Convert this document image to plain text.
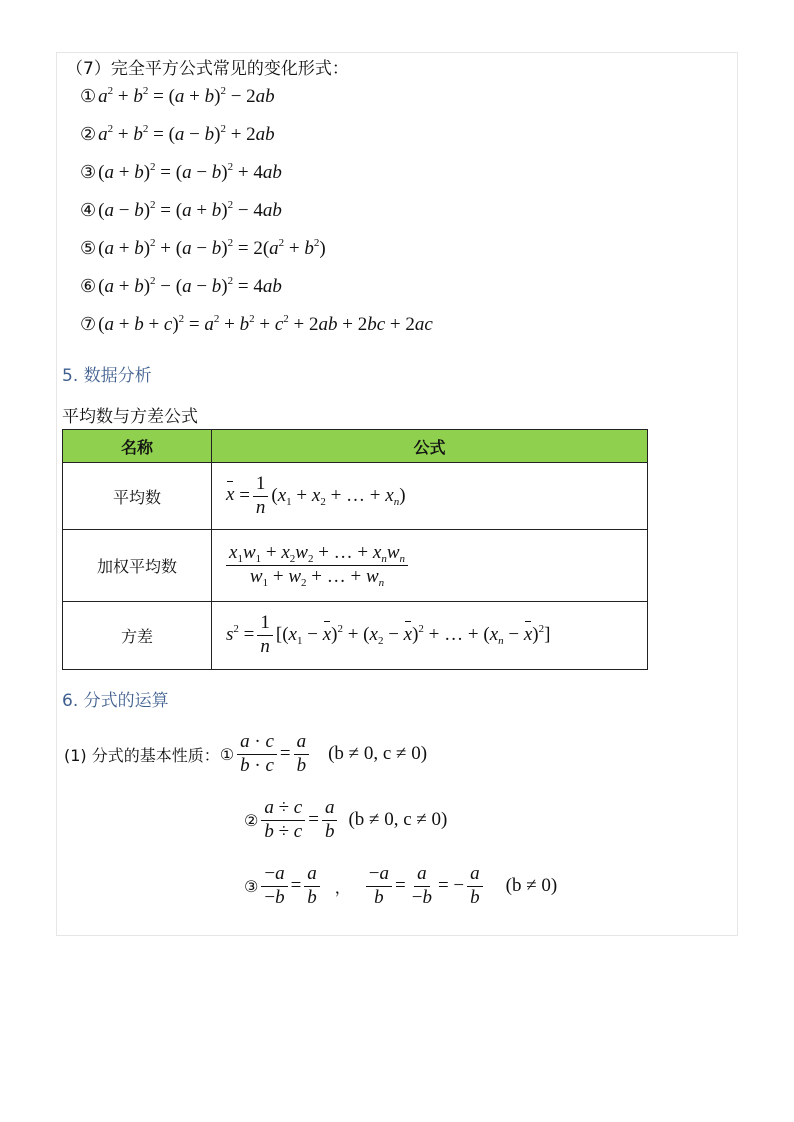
（7）完全平方公式常见的变化形式：
① $a^2 + b^2 = (a + b)^2 - 2ab$
② $a^2 + b^2 = (a - b)^2 + 2ab$
③ $(a + b)^2 = (a - b)^2 + 4ab$
④ $(a - b)^2 = (a + b)^2 - 4ab$
⑤ $(a + b)^2 + (a - b)^2 = 2(a^2 + b^2)$
⑥ $(a + b)^2 - (a - b)^2 = 4ab$
⑦ $(a + b + c)^2 = a^2 + b^2 + c^2 + 2ab + 2bc + 2ac$
5. 数据分析
平均数与方差公式
名称	公式
平均数	$x = \frac{1}{n} (x_1 + x_2$ + … + $x_n$)
加权平均数	$\frac{x_1w_1 + x_2w_2 + \dots + x_nw_n}{w_1 + w_2 + \dots + w_n}$

方差	$s^2 = \frac{1}{n} [(x_1 - x)^2 + (x_2 - x)^2$ + … + $(x_n - x)^2$]
6. 分式的运算
(1) 分式的基本性质： ① $\frac{a \cdot c}{b \cdot c} = \frac{a}{b} (b \ne 0$, c ≠ 0)
② $\frac{a \div c}{b \div c} = \frac{a}{b} (b \ne 0$, c ≠ 0)
③ $\frac{-a}{-b} = \frac{a}{b}$ ， $\frac{-a}{b} = \frac{a}{-b}$ = − $\frac{a}{b} (b \ne 0)$
